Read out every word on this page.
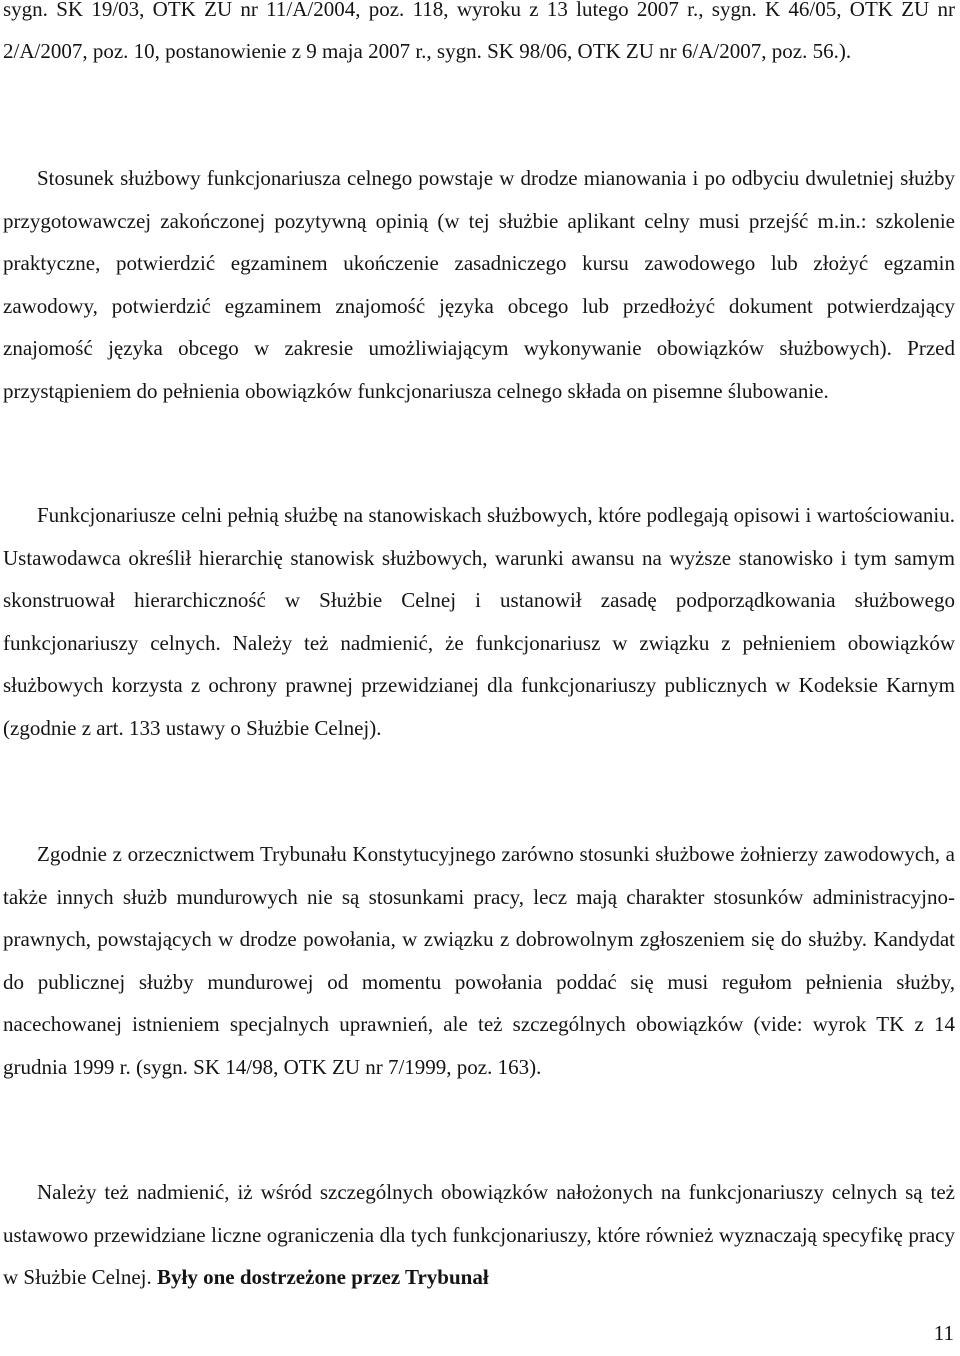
sygn. SK 19/03, OTK ZU nr 11/A/2004, poz. 118, wyroku z 13 lutego 2007 r., sygn. K 46/05, OTK ZU nr 2/A/2007, poz. 10, postanowienie z 9 maja 2007 r., sygn. SK 98/06, OTK ZU nr 6/A/2007, poz. 56.).

Stosunek służbowy funkcjonariusza celnego powstaje w drodze mianowania i po odbyciu dwuletniej służby przygotowawczej zakończonej pozytywną opinią (w tej służbie aplikant celny musi przejść m.in.: szkolenie praktyczne, potwierdzić egzaminem ukończenie zasadniczego kursu zawodowego lub złożyć egzamin zawodowy, potwierdzić egzaminem znajomość języka obcego lub przedłożyć dokument potwierdzający znajomość języka obcego w zakresie umożliwiającym wykonywanie obowiązków służbowych). Przed przystąpieniem do pełnienia obowiązków funkcjonariusza celnego składa on pisemne ślubowanie.

Funkcjonariusze celni pełnią służbę na stanowiskach służbowych, które podlegają opisowi i wartościowaniu. Ustawodawca określił hierarchię stanowisk służbowych, warunki awansu na wyższe stanowisko i tym samym skonstruował hierarchiczność w Służbie Celnej i ustanowił zasadę podporządkowania służbowego funkcjonariuszy celnych. Należy też nadmienić, że funkcjonariusz w związku z pełnieniem obowiązków służbowych korzysta z ochrony prawnej przewidzianej dla funkcjonariuszy publicznych w Kodeksie Karnym (zgodnie z art. 133 ustawy o Służbie Celnej).

Zgodnie z orzecznictwem Trybunału Konstytucyjnego zarówno stosunki służbowe żołnierzy zawodowych, a także innych służb mundurowych nie są stosunkami pracy, lecz mają charakter stosunków administracyjno-prawnych, powstających w drodze powołania, w związku z dobrowolnym zgłoszeniem się do służby. Kandydat do publicznej służby mundurowej od momentu powołania poddać się musi regułom pełnienia służby, nacechowanej istnieniem specjalnych uprawnień, ale też szczególnych obowiązków (vide: wyrok TK z 14 grudnia 1999 r. (sygn. SK 14/98, OTK ZU nr 7/1999, poz. 163).

Należy też nadmienić, iż wśród szczególnych obowiązków nałożonych na funkcjonariuszy celnych są też ustawowo przewidziane liczne ograniczenia dla tych funkcjonariuszy, które również wyznaczają specyfikę pracy w Służbie Celnej. Były one dostrzeżone przez Trybunał

11
